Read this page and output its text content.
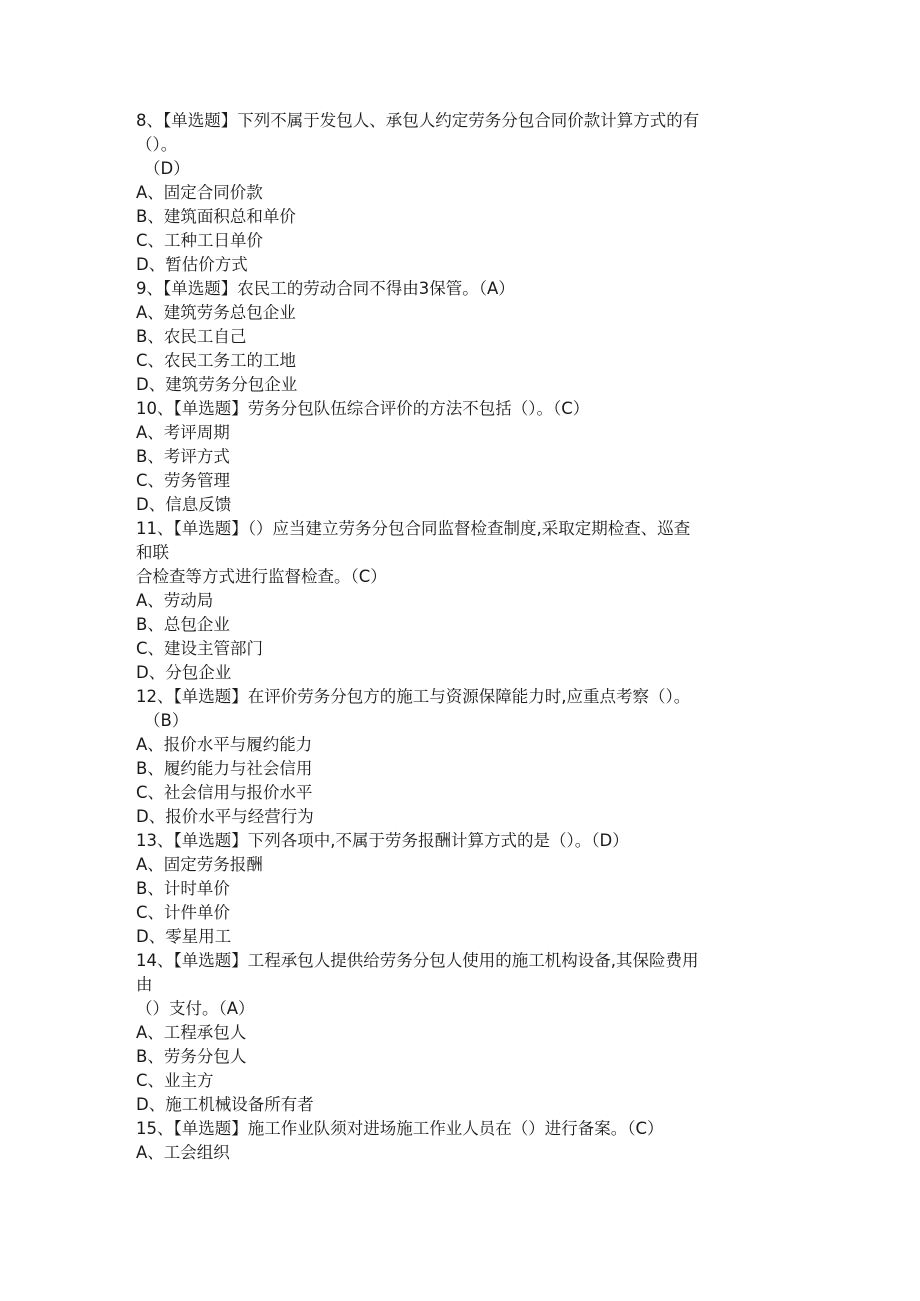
8、【单选题】下列不属于发包人、承包人约定劳务分包合同价款计算方式的有
（）。
（D）
A、固定合同价款
B、建筑面积总和单价
C、工种工日单价
D、暂估价方式
9、【单选题】农民工的劳动合同不得由3保管。（A）
A、建筑劳务总包企业
B、农民工自己
C、农民工务工的工地
D、建筑劳务分包企业
10、【单选题】劳务分包队伍综合评价的方法不包括（）。（C）
A、考评周期
B、考评方式
C、劳务管理
D、信息反馈
11、【单选题】（）应当建立劳务分包合同监督检查制度,采取定期检查、巡查
和联
合检查等方式进行监督检查。（C）
A、劳动局
B、总包企业
C、建设主管部门
D、分包企业
12、【单选题】在评价劳务分包方的施工与资源保障能力时,应重点考察（）。
（B）
A、报价水平与履约能力
B、履约能力与社会信用
C、社会信用与报价水平
D、报价水平与经营行为
13、【单选题】下列各项中,不属于劳务报酬计算方式的是（）。（D）
A、固定劳务报酬
B、计时单价
C、计件单价
D、零星用工
14、【单选题】工程承包人提供给劳务分包人使用的施工机构设备,其保险费用
由
（）支付。（A）
A、工程承包人
B、劳务分包人
C、业主方
D、施工机械设备所有者
15、【单选题】施工作业队须对进场施工作业人员在（）进行备案。（C）
A、工会组织
